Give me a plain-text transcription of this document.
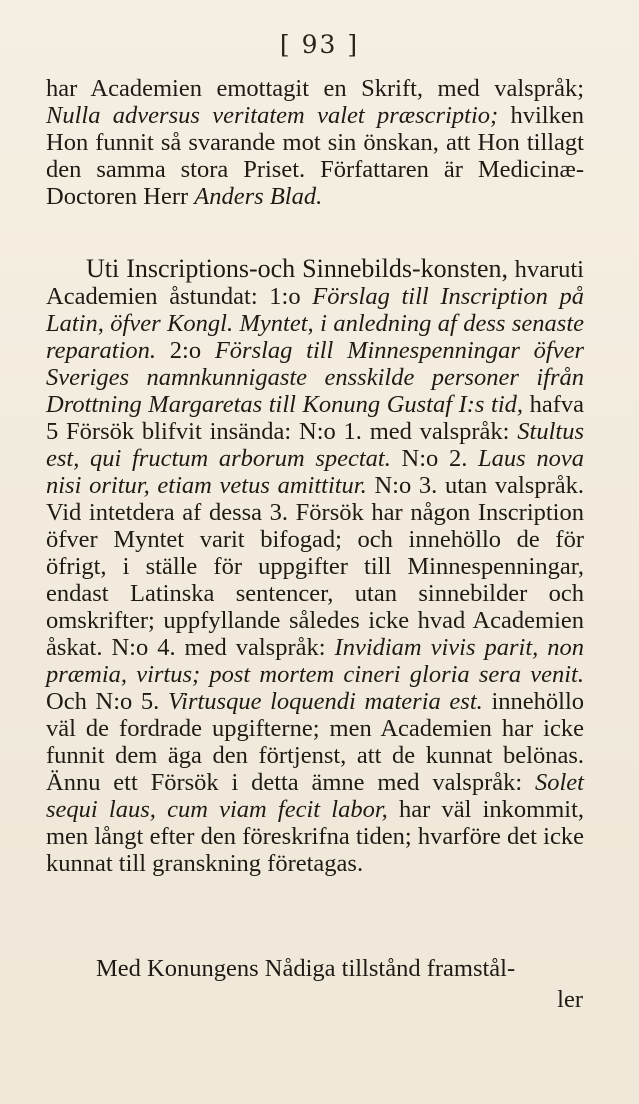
[ 93 ]
har Academien emottagit en Skrift, med valspråk; Nulla adversus veritatem valet præscriptio; hvilken Hon funnit så svarande mot sin önskan, att Hon tillagt den samma stora Priset. Författaren är Medicinæ-Doctoren Herr Anders Blad.
Uti Inscriptions-och Sinnebilds-konsten, hvaruti Academien åstundat: 1:o Förslag till Inscription på Latin, öfver Kongl. Myntet, i anledning af dess senaste reparation. 2:o Förslag till Minnespenningar öfver Sveriges namnkunnigaste ensskilde personer ifrån Drottning Margaretas till Konung Gustaf I:s tid, hafva 5 Försök blifvit insända: N:o 1. med valspråk: Stultus est, qui fructum arborum spectat. N:o 2. Laus nova nisi oritur, etiam vetus amittitur. N:o 3. utan valspråk. Vid intetdera af dessa 3. Försök har någon Inscription öfver Myntet varit bifogad; och innehöllo de för öfrigt, i ställe för uppgifter till Minnespenningar, endast Latinska sentencer, utan sinnebilder och omskrifter; uppfyllande således icke hvad Academien åskat. N:o 4. med valspråk: Invidiam vivis parit, non præmia, virtus; post mortem cineri gloria sera venit. Och N:o 5. Virtusque loquendi materia est. innehöllo väl de fordrade upgifterne; men Academien har icke funnit dem äga den förtjenst, att de kunnat belönas. Ännu ett Försök i detta ämne med valspråk: Solet sequi laus, cum viam fecit labor, har väl inkommit, men långt efter den föreskrifna tiden; hvarföre det icke kunnat till granskning företagas.
Med Konungens Nådiga tillstånd framstål-
ler
